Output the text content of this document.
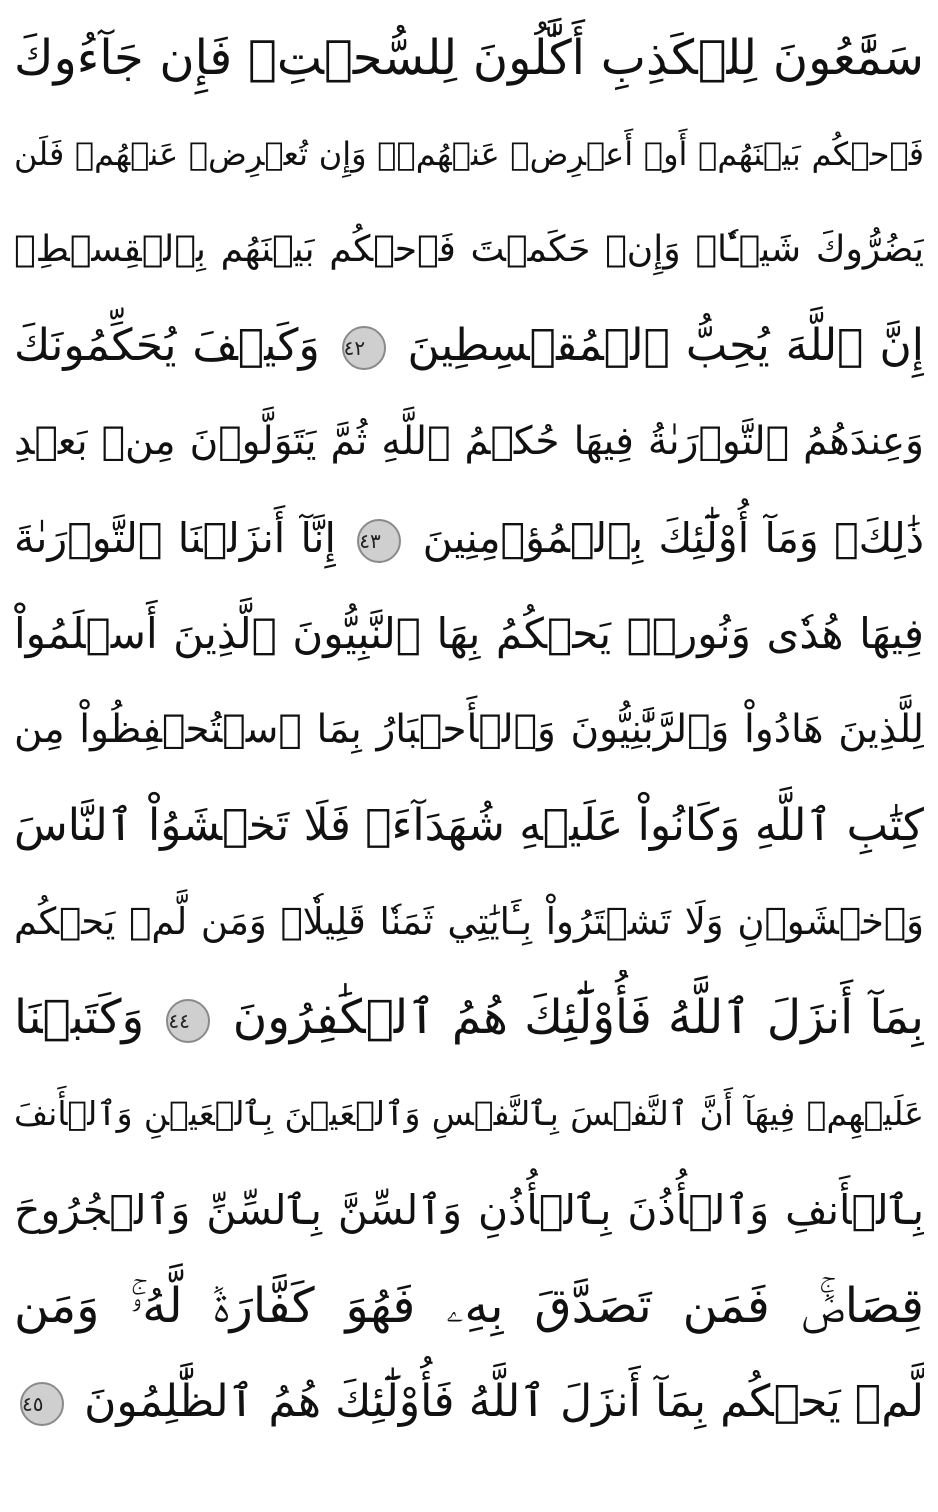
سَمَّٰعُونَ لِلۡكَذِبِ أَكَّٰلُونَ لِلسُّحۡتِۚ فَإِن جَآءُوكَ
فَٱحۡكُم بَيۡنَهُمۡ أَوۡ أَعۡرِضۡ عَنۡهُمۡۖ وَإِن تُعۡرِضۡ عَنۡهُمۡ فَلَن
يَضُرُّوكَ شَيۡـٔٗاۖ وَإِنۡ حَكَمۡتَ فَٱحۡكُم بَيۡنَهُم بِٱلۡقِسۡطِۚ
إِنَّ ٱللَّهَ يُحِبُّ ٱلۡمُقۡسِطِينَ ٤٢ وَكَيۡفَ يُحَكِّمُونَكَ
وَعِندَهُمُ ٱلتَّوۡرَىٰةُ فِيهَا حُكۡمُ ٱللَّهِ ثُمَّ يَتَوَلَّوۡنَ مِنۢ بَعۡدِ
ذَٰلِكَۚ وَمَآ أُوْلَٰٓئِكَ بِٱلۡمُؤۡمِنِينَ ٤٣ إِنَّآ أَنزَلۡنَا ٱلتَّوۡرَىٰةَ
فِيهَا هُدٗى وَنُورٞۚ يَحۡكُمُ بِهَا ٱلنَّبِيُّونَ ٱلَّذِينَ أَسۡلَمُواْ
لِلَّذِينَ هَادُواْ وَٱلرَّبَّٰنِيُّونَ وَٱلۡأَحۡبَارُ بِمَا ٱسۡتُحۡفِظُواْ مِن
كِتَٰبِ ٱللَّهِ وَكَانُواْ عَلَيۡهِ شُهَدَآءَۚ فَلَا تَخۡشَوُاْ ٱلنَّاسَ
وَٱخۡشَوۡنِ وَلَا تَشۡتَرُواْ بِـَٔايَٰتِي ثَمَنٗا قَلِيلٗاۚ وَمَن لَّمۡ يَحۡكُم
بِمَآ أَنزَلَ ٱللَّهُ فَأُوْلَٰٓئِكَ هُمُ ٱلۡكَٰفِرُونَ ٤٤ وَكَتَبۡنَا
عَلَيۡهِمۡ فِيهَآ أَنَّ ٱلنَّفۡسَ بِٱلنَّفۡسِ وَٱلۡعَيۡنَ بِٱلۡعَيۡنِ وَٱلۡأَنفَ
بِٱلۡأَنفِ وَٱلۡأُذُنَ بِٱلۡأُذُنِ وَٱلسِّنَّ بِٱلسِّنِّ وَٱلۡجُرُوحَ
قِصَاصٞۚ فَمَن تَصَدَّقَ بِهِۦ فَهُوَ كَفَّارَةٞ لَّهُۥۚ وَمَن
لَّمۡ يَحۡكُم بِمَآ أَنزَلَ ٱللَّهُ فَأُوْلَٰٓئِكَ هُمُ ٱلظَّٰلِمُونَ ٤٥
